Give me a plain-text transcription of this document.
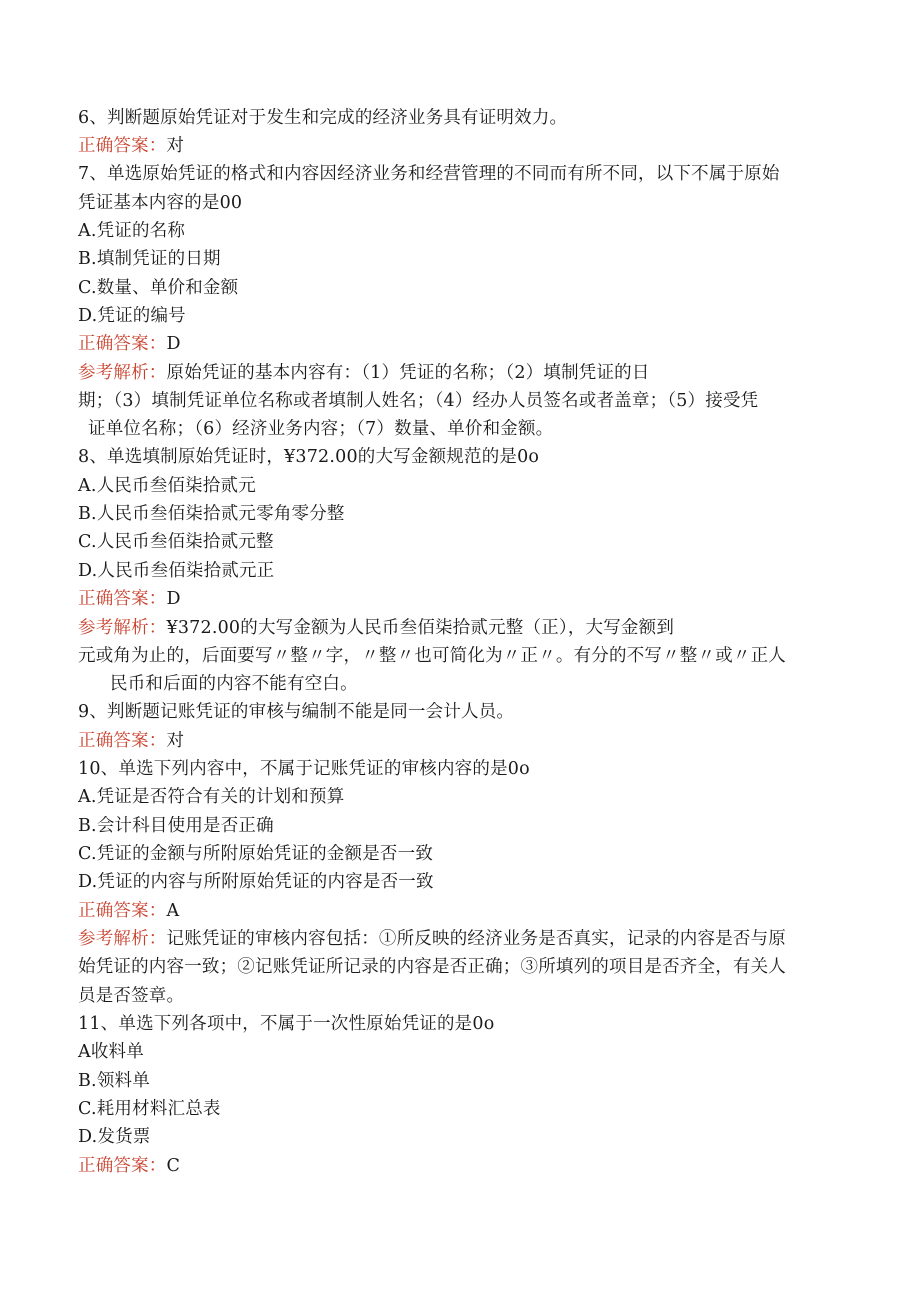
6、判断题原始凭证对于发生和完成的经济业务具有证明效力。
正确答案：对
7、单选原始凭证的格式和内容因经济业务和经营管理的不同而有所不同，以下不属于原始
凭证基本内容的是00
A.凭证的名称
B.填制凭证的日期
C.数量、单价和金额
D.凭证的编号
正确答案：D
参考解析：原始凭证的基本内容有：（1）凭证的名称；（2）填制凭证的日
期；（3）填制凭证单位名称或者填制人姓名；（4）经办人员签名或者盖章；（5）接受凭
证单位名称；（6）经济业务内容；（7）数量、单价和金额。
8、单选填制原始凭证时，¥372.00的大写金额规范的是0o
A.人民币叁佰柒拾贰元
B.人民币叁佰柒拾贰元零角零分整
C.人民币叁佰柒拾贰元整
D.人民币叁佰柒拾贰元正
正确答案：D
参考解析：¥372.00的大写金额为人民币叁佰柒拾贰元整（正），大写金额到
元或角为止的，后面要写〃整〃字，〃整〃也可简化为〃正〃。有分的不写〃整〃或〃正人
民币和后面的内容不能有空白。
9、判断题记账凭证的审核与编制不能是同一会计人员。
正确答案：对
10、单选下列内容中，不属于记账凭证的审核内容的是0o
A.凭证是否符合有关的计划和预算
B.会计科目使用是否正确
C.凭证的金额与所附原始凭证的金额是否一致
D.凭证的内容与所附原始凭证的内容是否一致
正确答案：A
参考解析：记账凭证的审核内容包括：①所反映的经济业务是否真实，记录的内容是否与原
始凭证的内容一致；②记账凭证所记录的内容是否正确；③所填列的项目是否齐全，有关人
员是否签章。
11、单选下列各项中，不属于一次性原始凭证的是0o
A收料单
B.领料单
C.耗用材料汇总表
D.发货票
正确答案：C
